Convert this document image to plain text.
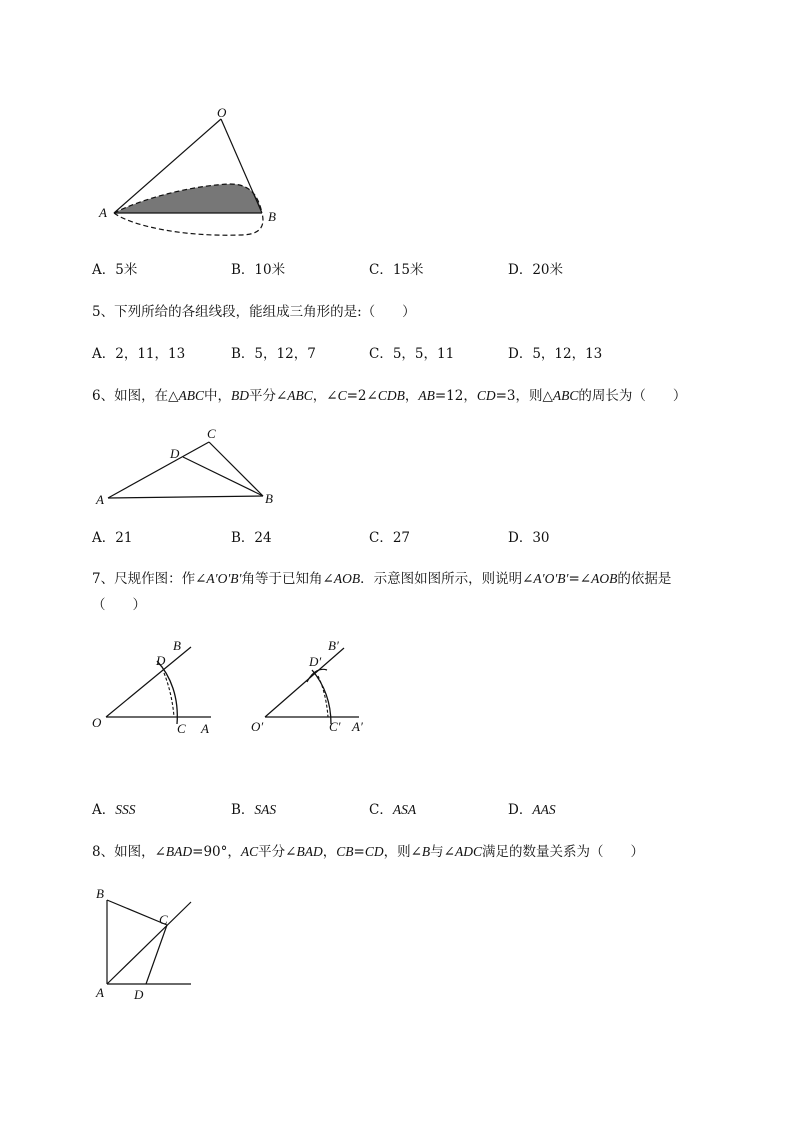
O
A	B
A．5米	B．10米	C．15米	D．20米
5、下列所给的各组线段，能组成三角形的是:（　　）
A．2，11，13	B．5，12，7	C．5，5，11	D．5，12，13
6、如图，在△ABC中，BD平分∠ABC，∠C=2∠CDB，AB=12，CD=3，则△ABC的周长为（　　）
A	B
C
D
A．21	B．24	C．27	D．30
7、尺规作图：作∠A′O′B′角等于已知角∠AOB．示意图如图所示，则说明∠A′O′B′=∠AOB的依据是
（　　）
O	A
B
C
D
O′	A′
B′
C′
D′
A．SSS	B．SAS	C．ASA	D．AAS
8、如图，∠BAD=90°，AC平分∠BAD，CB=CD，则∠B与∠ADC满足的数量关系为（　　）
A
B
C
D
